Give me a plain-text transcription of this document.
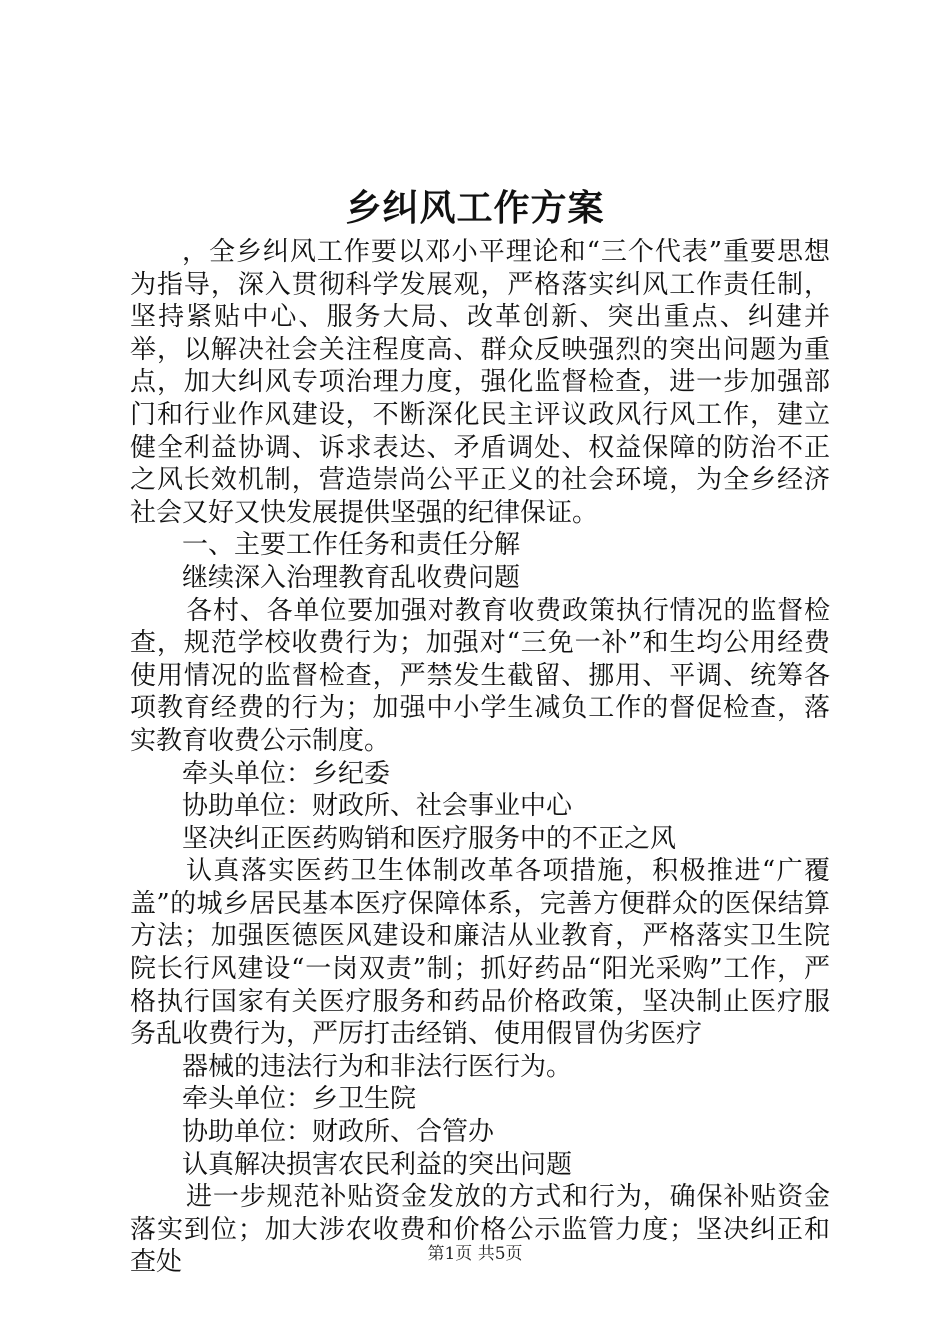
乡纠风工作方案

，全乡纠风工作要以邓小平理论和“三个代表”重要思想为指导，深入贯彻科学发展观，严格落实纠风工作责任制，坚持紧贴中心、服务大局、改革创新、突出重点、纠建并举，以解决社会关注程度高、群众反映强烈的突出问题为重点，加大纠风专项治理力度，强化监督检查，进一步加强部门和行业作风建设，不断深化民主评议政风行风工作，建立健全利益协调、诉求表达、矛盾调处、权益保障的防治不正之风长效机制，营造崇尚公平正义的社会环境，为全乡经济社会又好又快发展提供坚强的纪律保证。

一、主要工作任务和责任分解

继续深入治理教育乱收费问题

各村、各单位要加强对教育收费政策执行情况的监督检查，规范学校收费行为；加强对“三免一补”和生均公用经费使用情况的监督检查，严禁发生截留、挪用、平调、统筹各项教育经费的行为；加强中小学生减负工作的督促检查，落实教育收费公示制度。

牵头单位：乡纪委

协助单位：财政所、社会事业中心

坚决纠正医药购销和医疗服务中的不正之风

认真落实医药卫生体制改革各项措施，积极推进“广覆盖”的城乡居民基本医疗保障体系，完善方便群众的医保结算方法；加强医德医风建设和廉洁从业教育，严格落实卫生院院长行风建设“一岗双责”制；抓好药品“阳光采购”工作，严格执行国家有关医疗服务和药品价格政策，坚决制止医疗服务乱收费行为，严厉打击经销、使用假冒伪劣医疗

器械的违法行为和非法行医行为。

牵头单位：乡卫生院

协助单位：财政所、合管办

认真解决损害农民利益的突出问题

进一步规范补贴资金发放的方式和行为，确保补贴资金落实到位；加大涉农收费和价格公示监管力度；坚决纠正和查处	第1页 共5页
